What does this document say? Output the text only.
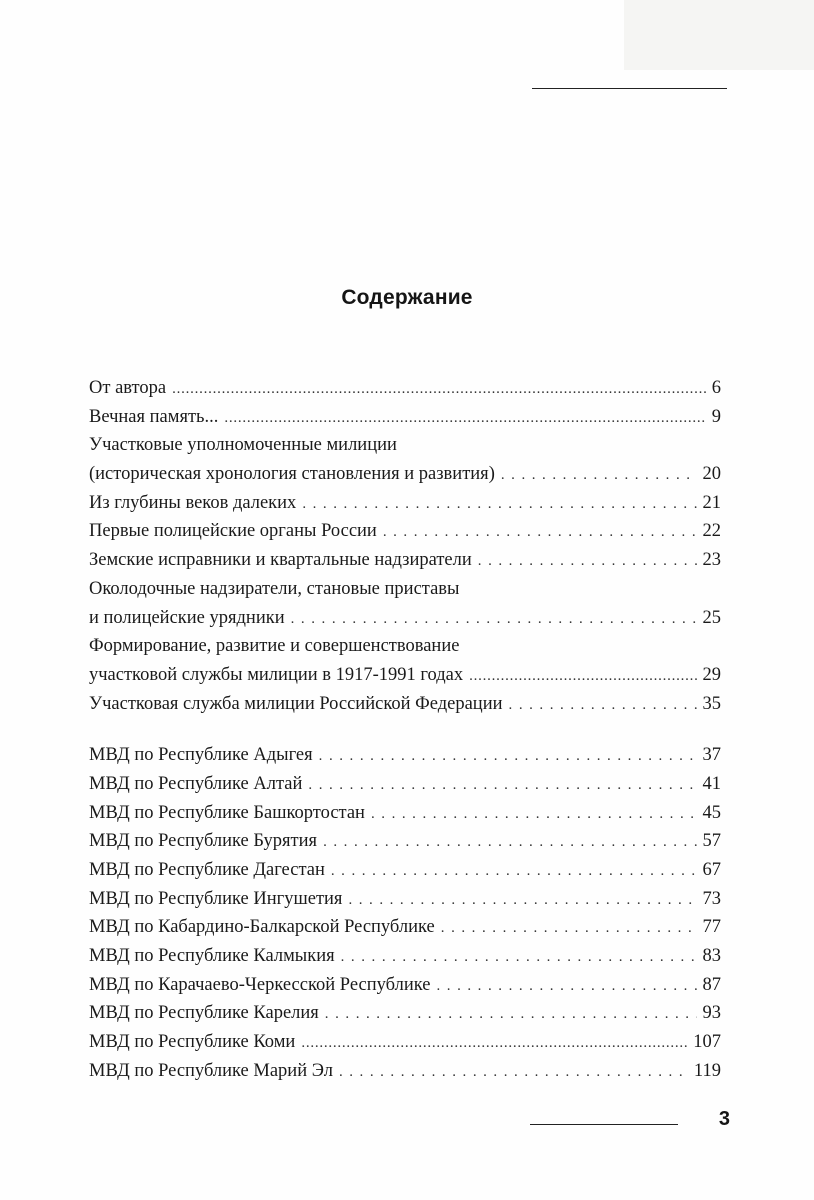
Содержание
От автора . . .	6
Вечная память... . . .	9
Участковые уполномоченные милиции
(историческая хронология становления и развития) . . .	20
Из глубины веков далеких . . .	21
Первые полицейские органы России . . .	22
Земские исправники и квартальные надзиратели . . .	23
Околодочные надзиратели, становые приставы
и полицейские урядники . . .	25
Формирование, развитие и совершенствование
участковой службы милиции в 1917-1991 годах . . .	29
Участковая служба милиции Российской Федерации . . .	35
МВД по Республике Адыгея . . .	37
МВД по Республике Алтай . . .	41
МВД по Республике Башкортостан . . .	45
МВД по Республике Бурятия . . .	57
МВД по Республике Дагестан . . .	67
МВД по Республике Ингушетия . . .	73
МВД по Кабардино-Балкарской Республике . . .	77
МВД по Республике Калмыкия . . .	83
МВД по Карачаево-Черкесской Республике . . .	87
МВД по Республике Карелия . . .	93
МВД по Республике Коми . . .	107
МВД по Республике Марий Эл . . .	119
3
